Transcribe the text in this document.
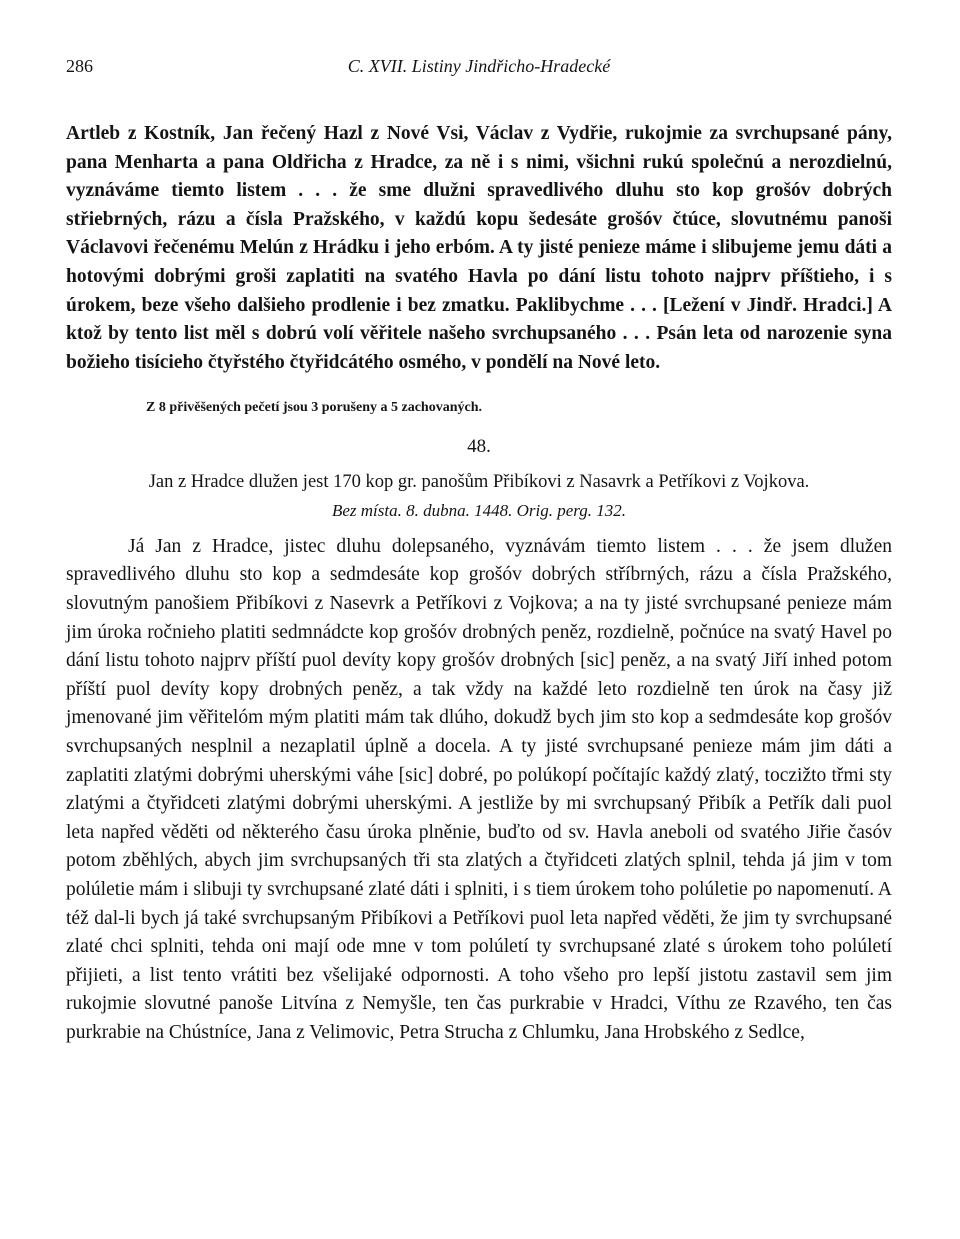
286	C. XVII. Listiny Jindřicho-Hradecké

Artleb z Kostník, Jan řečený Hazl z Nové Vsi, Václav z Vydřie, rukojmie za svrchupsané pány, pana Menharta a pana Oldřicha z Hradce, za ně i s nimi, všichni rukú společnú a nerozdielnú, vyznáváme tiemto listem . . . že sme dlužni spravedlivého dluhu sto kop grošóv dobrých střiebrných, rázu a čísla Pražského, v každú kopu šedesáte grošóv čtúce, slovutnému panoši Václavovi řečenému Melún z Hrádku i jeho erbóm. A ty jisté penieze máme i slibujeme jemu dáti a hotovými dobrými groši zaplatiti na svatého Havla po dání listu tohoto najprv příštieho, i s úrokem, beze všeho dalšieho prodlenie i bez zmatku. Paklibychme . . . [Ležení v Jindř. Hradci.] A ktož by tento list měl s dobrú volí věřitele našeho svrchupsaného . . . Psán leta od narozenie syna božieho tisícieho čtyřstého čtyřidcátého osmého, v pondělí na Nové leto.

Z 8 přivěšených pečetí jsou 3 porušeny a 5 zachovaných.
48.
Jan z Hradce dlužen jest 170 kop gr. panošům Přibíkovi z Nasavrk a Petříkovi z Vojkova.
Bez místa. 8. dubna. 1448. Orig. perg. 132.

Já Jan z Hradce, jistec dluhu dolepsaného, vyznávám tiemto listem . . . že jsem dlužen spravedlivého dluhu sto kop a sedmdesáte kop grošóv dobrých stříbrných, rázu a čísla Pražského, slovutným panošiem Přibíkovi z Nasevrk a Petříkovi z Vojkova; a na ty jisté svrchupsané penieze mám jim úroka ročnieho platiti sedmnádcte kop grošóv drobných peněz, rozdielně, počnúce na svatý Havel po dání listu tohoto najprv příští puol devíty kopy grošóv drobných [sic] peněz, a na svatý Jiří inhed potom příští puol devíty kopy drobných peněz, a tak vždy na každé leto rozdielně ten úrok na časy již jmenované jim věřitelóm mým platiti mám tak dlúho, dokudž bych jim sto kop a sedmdesáte kop grošóv svrchupsaných nesplnil a nezaplatil úplně a docela. A ty jisté svrchupsané penieze mám jim dáti a zaplatiti zlatými dobrými uherskými váhe [sic] dobré, po polúkopí počítajíc každý zlatý, toczižto třmi sty zlatými a čtyřidceti zlatými dobrými uherskými. A jestliže by mi svrchupsaný Přibík a Petřík dali puol leta napřed věděti od některého času úroka plněnie, buďto od sv. Havla aneboli od svatého Jiřie časóv potom zběhlých, abych jim svrchupsaných tři sta zlatých a čtyřidceti zlatých splnil, tehda já jim v tom polúletie mám i slibuji ty svrchupsané zlaté dáti i splniti, i s tiem úrokem toho polúletie po napomenutí. A též dal-li bych já také svrchupsaným Přibíkovi a Petříkovi puol leta napřed věděti, že jim ty svrchupsané zlaté chci splniti, tehda oni mají ode mne v tom polúletí ty svrchupsané zlaté s úrokem toho polúletí přijieti, a list tento vrátiti bez všelijaké odpornosti. A toho všeho pro lepší jistotu zastavil sem jim rukojmie slovutné panoše Litvína z Nemyšle, ten čas purkrabie v Hradci, Víthu ze Rzavého, ten čas purkrabie na Chústníce, Jana z Velimovic, Petra Strucha z Chlumku, Jana Hrobského z Sedlce,
